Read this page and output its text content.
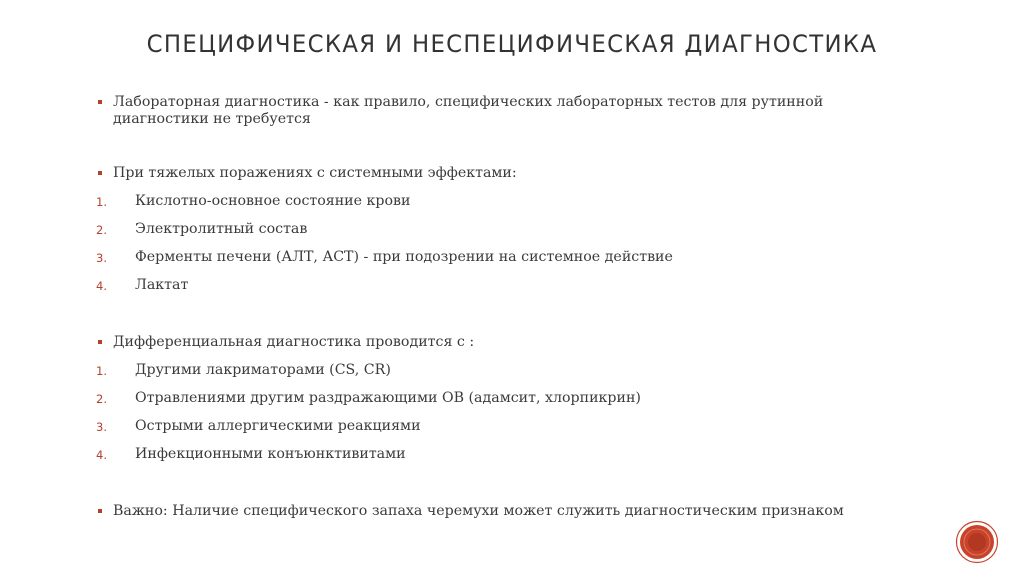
СПЕЦИФИЧЕСКАЯ И НЕСПЕЦИФИЧЕСКАЯ ДИАГНОСТИКА
Лабораторная диагностика - как правило, специфических лабораторных тестов для рутинной диагностики не требуется
При тяжелых поражениях с системными эффектами:
1. Кислотно-основное состояние крови
2. Электролитный состав
3. Ферменты печени (АЛТ, АСТ) - при подозрении на системное действие
4. Лактат
Дифференциальная диагностика проводится с :
1. Другими лакриматорами (CS, CR)
2. Отравлениями другим раздражающими ОВ (адамсит, хлорпикрин)
3. Острыми аллергическими реакциями
4. Инфекционными конъюнктивитами
Важно: Наличие специфического запаха черемухи может служить диагностическим признаком
